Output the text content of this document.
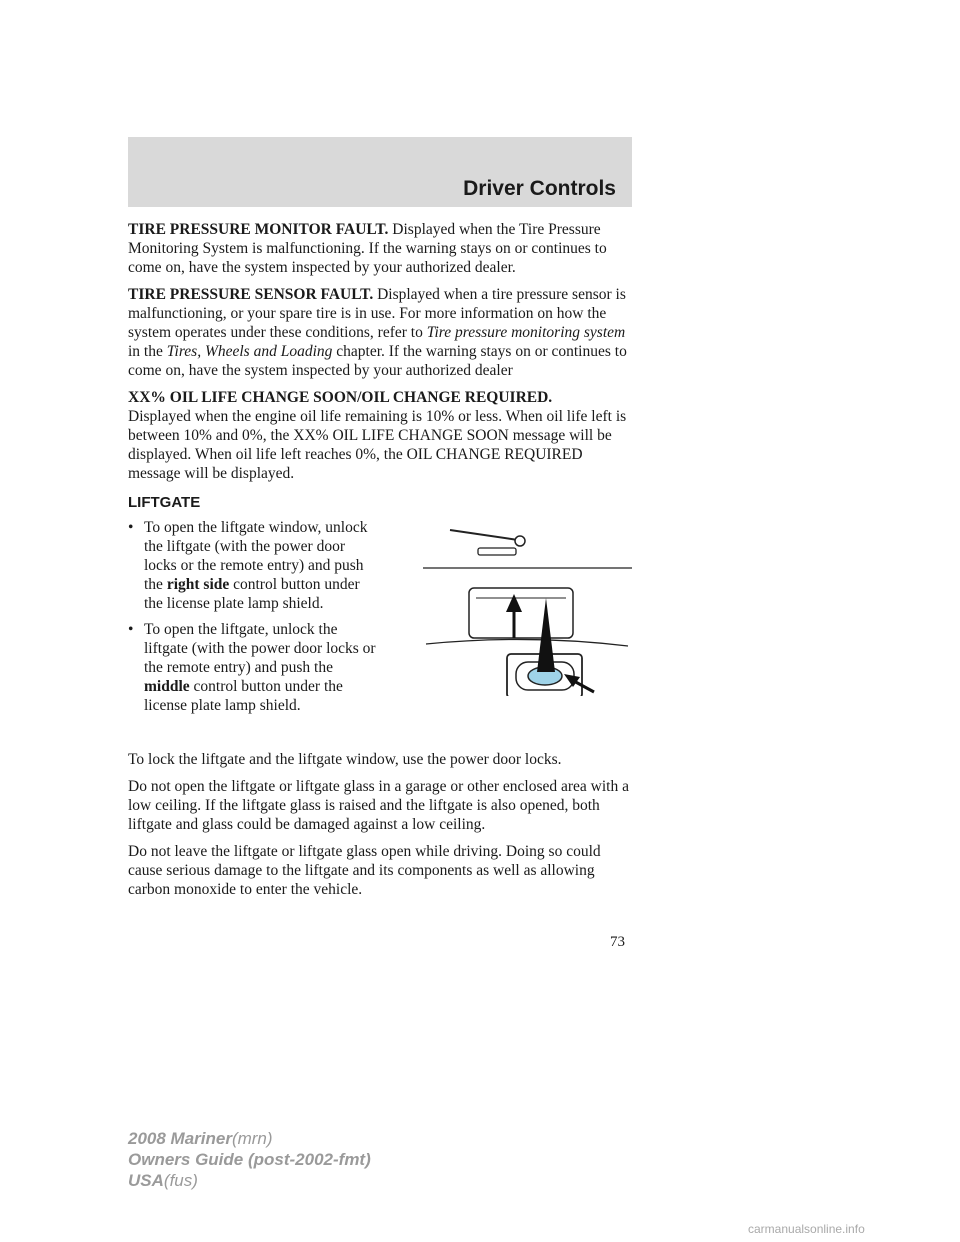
Driver Controls

TIRE PRESSURE MONITOR FAULT. Displayed when the Tire Pressure Monitoring System is malfunctioning. If the warning stays on or continues to come on, have the system inspected by your authorized dealer.

TIRE PRESSURE SENSOR FAULT. Displayed when a tire pressure sensor is malfunctioning, or your spare tire is in use. For more information on how the system operates under these conditions, refer to Tire pressure monitoring system in the Tires, Wheels and Loading chapter. If the warning stays on or continues to come on, have the system inspected by your authorized dealer

XX% OIL LIFE CHANGE SOON/OIL CHANGE REQUIRED.
Displayed when the engine oil life remaining is 10% or less. When oil life left is between 10% and 0%, the XX% OIL LIFE CHANGE SOON message will be displayed. When oil life left reaches 0%, the OIL CHANGE REQUIRED message will be displayed.

LIFTGATE
• To open the liftgate window, unlock the liftgate (with the power door locks or the remote entry) and push the right side control button under the license plate lamp shield.
• To open the liftgate, unlock the liftgate (with the power door locks or the remote entry) and push the middle control button under the license plate lamp shield.

To lock the liftgate and the liftgate window, use the power door locks.

Do not open the liftgate or liftgate glass in a garage or other enclosed area with a low ceiling. If the liftgate glass is raised and the liftgate is also opened, both liftgate and glass could be damaged against a low ceiling.

Do not leave the liftgate or liftgate glass open while driving. Doing so could cause serious damage to the liftgate and its components as well as allowing carbon monoxide to enter the vehicle.

73
2008 Mariner(mrn)
Owners Guide (post-2002-fmt)
USA(fus)
carmanualsonline.info
